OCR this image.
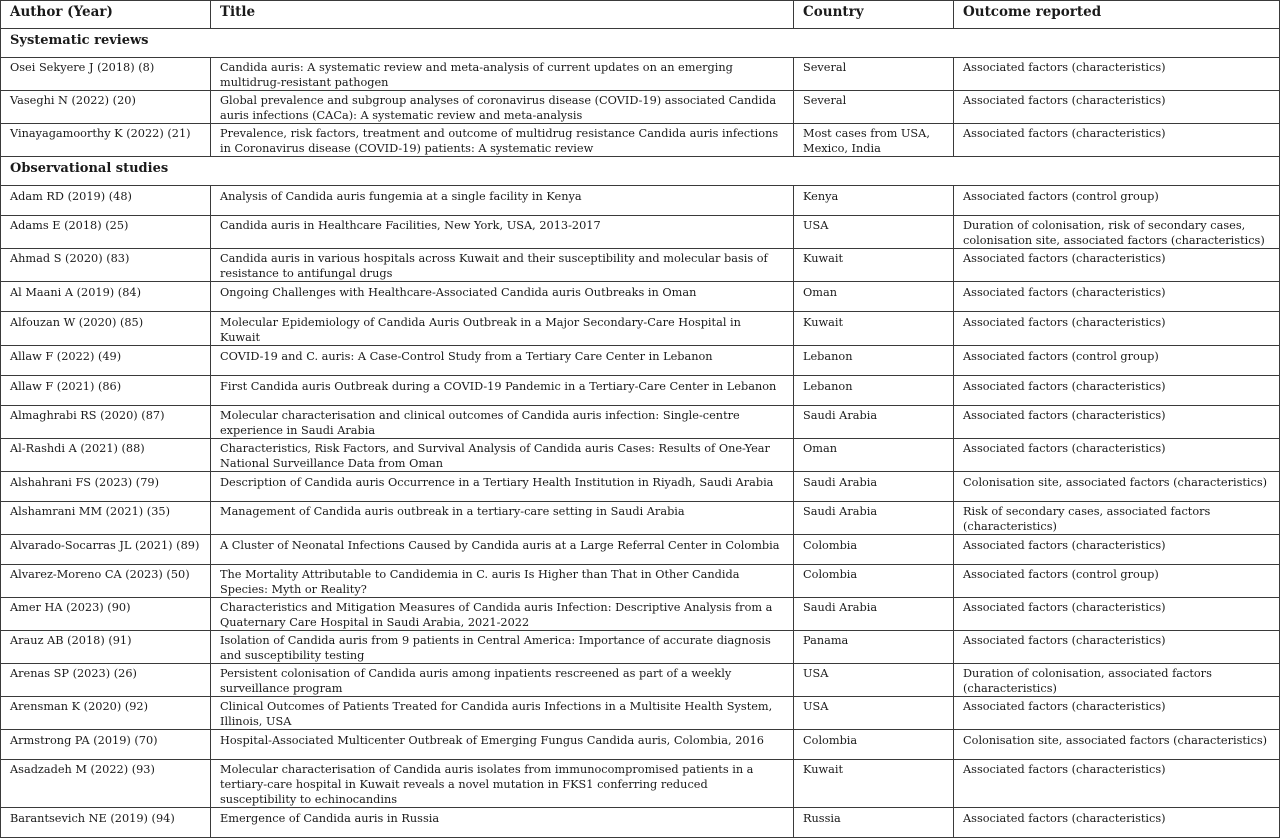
Author (Year)	Title	Country	Outcome reported
Systematic reviews			
Osei Sekyere J (2018) (8)	Candida auris: A systematic review and meta-analysis of current updates on an emerging multidrug-resistant pathogen	Several	Associated factors (characteristics)
Vaseghi N (2022) (20)	Global prevalence and subgroup analyses of coronavirus disease (COVID-19) associated Candida auris infections (CACa): A systematic review and meta-analysis	Several	Associated factors (characteristics)
Vinayagamoorthy K (2022) (21)	Prevalence, risk factors, treatment and outcome of multidrug resistance Candida auris infections in Coronavirus disease (COVID-19) patients: A systematic review	Most cases from USA, Mexico, India	Associated factors (characteristics)
Observational studies			
Adam RD (2019) (48)	Analysis of Candida auris fungemia at a single facility in Kenya	Kenya	Associated factors (control group)
Adams E (2018) (25)	Candida auris in Healthcare Facilities, New York, USA, 2013-2017	USA	Duration of colonisation, risk of secondary cases, colonisation site, associated factors (characteristics)
Ahmad S (2020) (83)	Candida auris in various hospitals across Kuwait and their susceptibility and molecular basis of resistance to antifungal drugs	Kuwait	Associated factors (characteristics)
Al Maani A (2019) (84)	Ongoing Challenges with Healthcare-Associated Candida auris Outbreaks in Oman	Oman	Associated factors (characteristics)
Alfouzan W (2020) (85)	Molecular Epidemiology of Candida Auris Outbreak in a Major Secondary-Care Hospital in Kuwait	Kuwait	Associated factors (characteristics)
Allaw F (2022) (49)	COVID-19 and C. auris: A Case-Control Study from a Tertiary Care Center in Lebanon	Lebanon	Associated factors (control group)
Allaw F (2021) (86)	First Candida auris Outbreak during a COVID-19 Pandemic in a Tertiary-Care Center in Lebanon	Lebanon	Associated factors (characteristics)
Almaghrabi RS (2020) (87)	Molecular characterisation and clinical outcomes of Candida auris infection: Single-centre experience in Saudi Arabia	Saudi Arabia	Associated factors (characteristics)
Al-Rashdi A (2021) (88)	Characteristics, Risk Factors, and Survival Analysis of Candida auris Cases: Results of One-Year National Surveillance Data from Oman	Oman	Associated factors (characteristics)
Alshahrani FS (2023) (79)	Description of Candida auris Occurrence in a Tertiary Health Institution in Riyadh, Saudi Arabia	Saudi Arabia	Colonisation site, associated factors (characteristics)
Alshamrani MM (2021) (35)	Management of Candida auris outbreak in a tertiary-care setting in Saudi Arabia	Saudi Arabia	Risk of secondary cases, associated factors (characteristics)
Alvarado-Socarras JL (2021) (89)	A Cluster of Neonatal Infections Caused by Candida auris at a Large Referral Center in Colombia	Colombia	Associated factors (characteristics)
Alvarez-Moreno CA (2023) (50)	The Mortality Attributable to Candidemia in C. auris Is Higher than That in Other Candida Species: Myth or Reality?	Colombia	Associated factors (control group)
Amer HA (2023) (90)	Characteristics and Mitigation Measures of Candida auris Infection: Descriptive Analysis from a Quaternary Care Hospital in Saudi Arabia, 2021-2022	Saudi Arabia	Associated factors (characteristics)
Arauz AB (2018) (91)	Isolation of Candida auris from 9 patients in Central America: Importance of accurate diagnosis and susceptibility testing	Panama	Associated factors (characteristics)
Arenas SP (2023) (26)	Persistent colonisation of Candida auris among inpatients rescreened as part of a weekly surveillance program	USA	Duration of colonisation, associated factors (characteristics)
Arensman K (2020) (92)	Clinical Outcomes of Patients Treated for Candida auris Infections in a Multisite Health System, Illinois, USA	USA	Associated factors (characteristics)
Armstrong PA (2019) (70)	Hospital-Associated Multicenter Outbreak of Emerging Fungus Candida auris, Colombia, 2016	Colombia	Colonisation site, associated factors (characteristics)
Asadzadeh M (2022) (93)	Molecular characterisation of Candida auris isolates from immunocompromised patients in a tertiary-care hospital in Kuwait reveals a novel mutation in FKS1 conferring reduced susceptibility to echinocandins	Kuwait	Associated factors (characteristics)
Barantsevich NE (2019) (94)	Emergence of Candida auris in Russia	Russia	Associated factors (characteristics)
